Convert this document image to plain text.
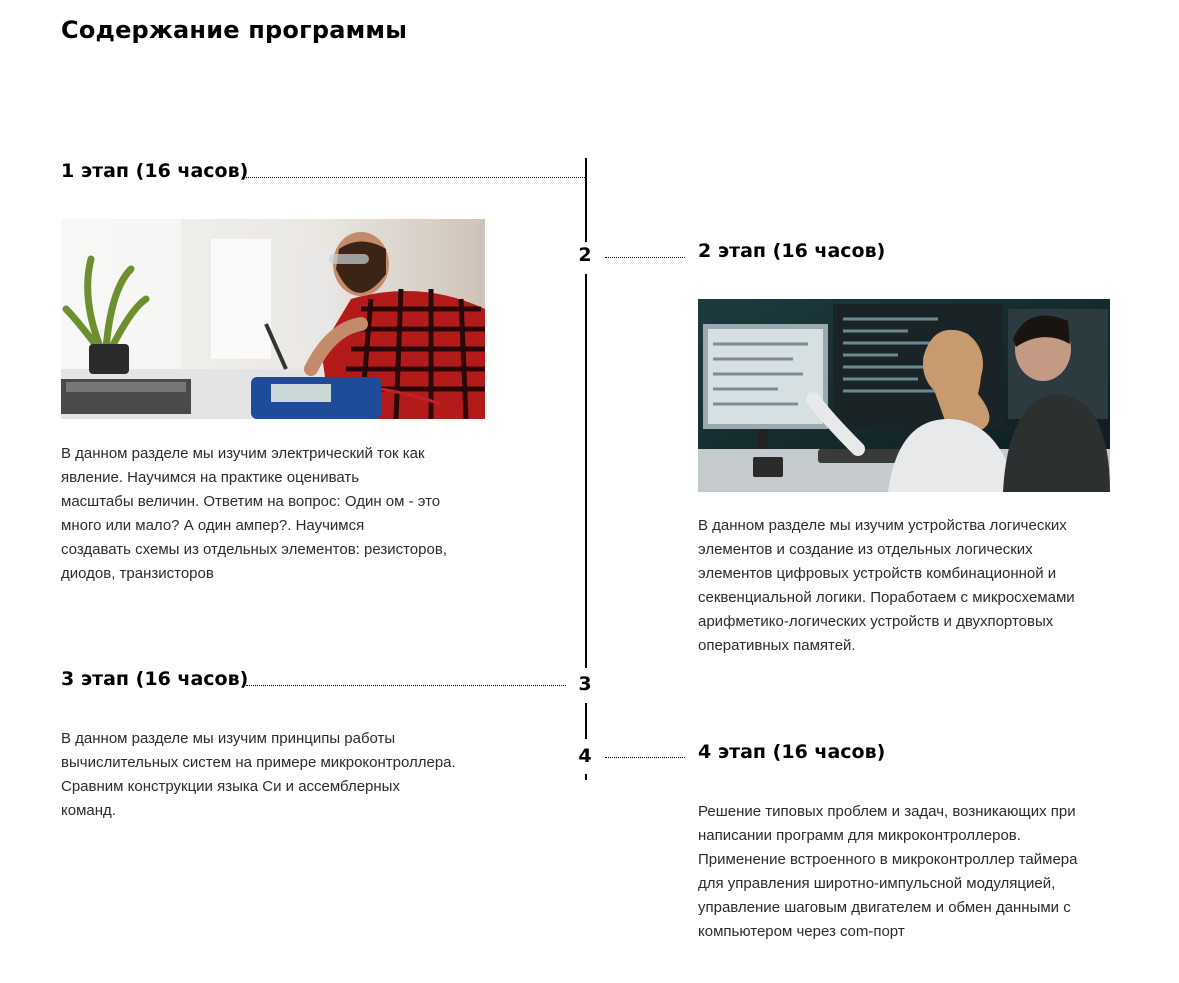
Содержание программы
2
3
4
1 этап (16 часов)

В данном разделе мы изучим электрический ток как
явление. Научимся на практике оценивать
масштабы величин. Ответим на вопрос: Один ом - это
много или мало? А один ампер?. Научимся
создавать схемы из отдельных элементов: резисторов,
диодов, транзисторов

2 этап (16 часов)

В данном разделе мы изучим устройства логических
элементов и создание из отдельных логических
элементов цифровых устройств комбинационной и
секвенциальной логики. Поработаем с микросхемами
арифметико-логических устройств и двухпортовых
оперативных памятей.

3 этап (16 часов)

В данном разделе мы изучим принципы работы
вычислительных систем на примере микроконтроллера.
Сравним конструкции языка Си и ассемблерных
команд.

4 этап (16 часов)

Решение типовых проблем и задач, возникающих при
написании программ для микроконтроллеров.
Применение встроенного в микроконтроллер таймера
для управления широтно-импульсной модуляцией,
управление шаговым двигателем и обмен данными с
компьютером через com-порт
